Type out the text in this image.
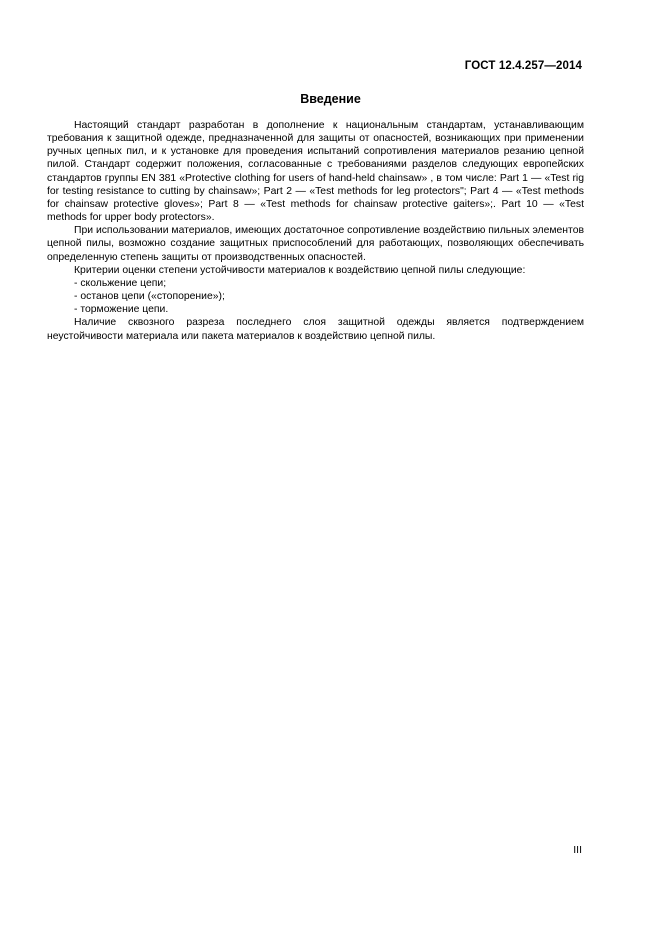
ГОСТ 12.4.257—2014
Введение

Настоящий стандарт разработан в дополнение к национальным стандартам, устанавливающим требования к защитной одежде, предназначенной для защиты от опасностей, возникающих при применении ручных цепных пил, и к установке для проведения испытаний сопротивления материалов резанию цепной пилой. Стандарт содержит положения, согласованные с требованиями разделов следующих европейских стандартов группы EN 381 «Protective clothing for users of hand-held chainsaw» , в том числе: Part 1 — «Test rig for testing resistance to cutting by chainsaw»; Part 2 — «Test methods for leg protectors"; Part 4 — «Test methods for chainsaw protective gloves»; Part 8 — «Test methods for chainsaw protective gaiters»;. Part 10 — «Test methods for upper body protectors».

При использовании материалов, имеющих достаточное сопротивление воздействию пильных элементов цепной пилы, возможно создание защитных приспособлений для работающих, позволяющих обеспечивать определенную степень защиты от производственных опасностей.

Критерии оценки степени устойчивости материалов к воздействию цепной пилы следующие:

- скольжение цепи;

- останов цепи («стопорение»);

- торможение цепи.

Наличие сквозного разреза последнего слоя защитной одежды является подтверждением неустойчивости материала или пакета материалов к воздействию цепной пилы.

III
